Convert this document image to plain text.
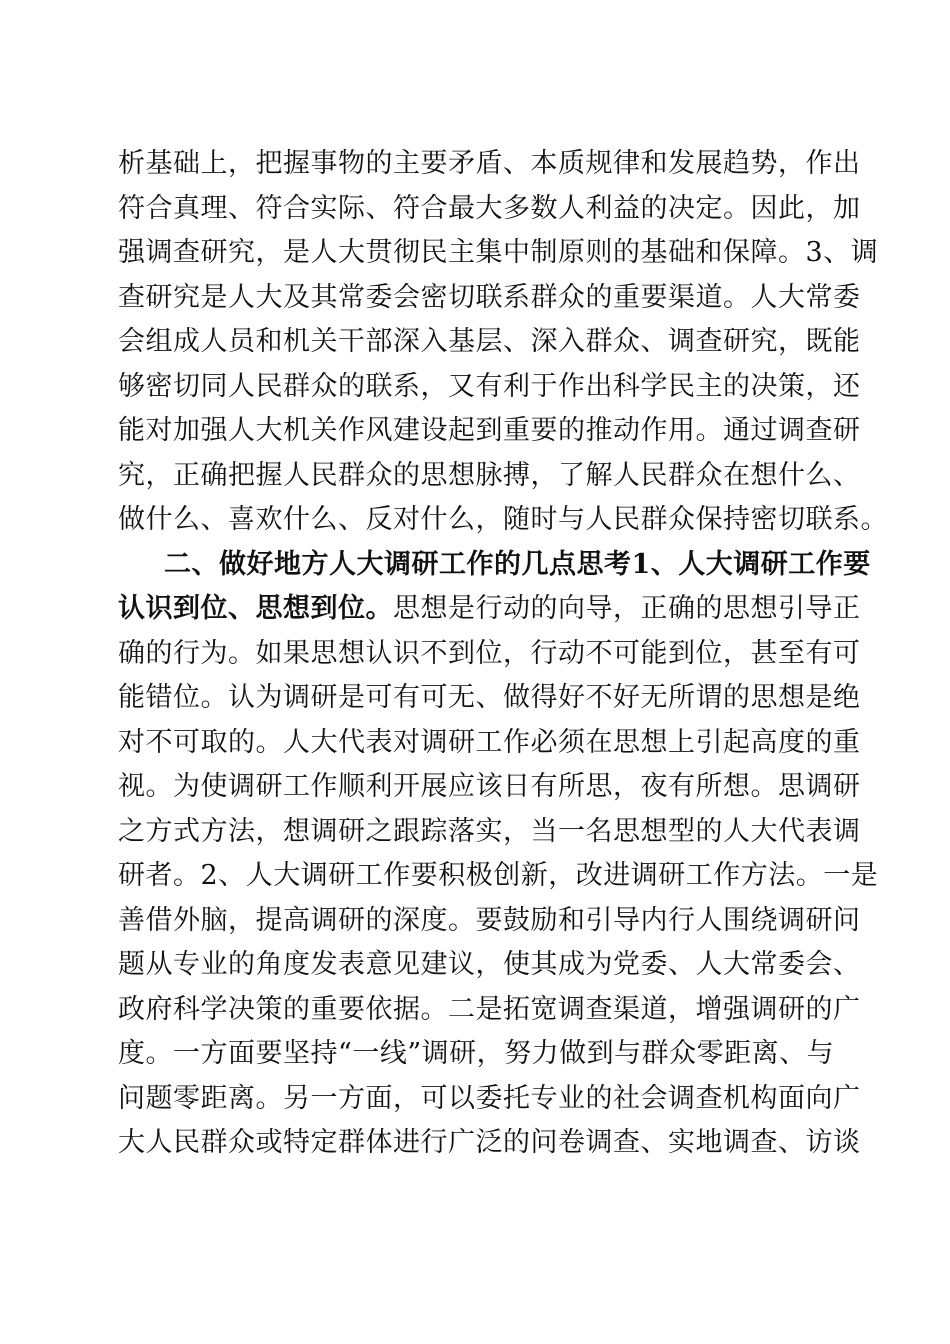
析 基 础 上 ， 把 握 事 物 的 主 要 矛 盾 、 本 质 规 律 和 发 展 趋 势 ， 作 出
符 合 真 理 、 符 合 实 际 、 符 合 最 大 多 数 人 利 益 的 决 定 。 因 此 ， 加
强 调 查 研 究 ， 是 人 大 贯 彻 民 主 集 中 制 原 则 的 基 础 和 保 障 。 3 、 调
查 研 究 是 人 大 及 其 常 委 会 密 切 联 系 群 众 的 重 要 渠 道 。 人 大 常 委
会 组 成 人 员 和 机 关 干 部 深 入 基 层 、 深 入 群 众 、 调 查 研 究 ， 既 能
够 密 切 同 人 民 群 众 的 联 系 ， 又 有 利 于 作 出 科 学 民 主 的 决 策 ， 还
能 对 加 强 人 大 机 关 作 风 建 设 起 到 重 要 的 推 动 作 用 。 通 过 调 查 研
究 ， 正 确 把 握 人 民 群 众 的 思 想 脉 搏 ， 了 解 人 民 群 众 在 想 什 么 、
做 什 么 、 喜 欢 什 么 、 反 对 什 么 ， 随 时 与 人 民 群 众 保 持 密 切 联 系 。
二 、 做 好 地 方 人 大 调 研 工 作 的 几 点 思 考 1 、 人 大 调 研 工 作 要
认 识 到 位 、 思 想 到 位 。 思 想 是 行 动 的 向 导 ， 正 确 的 思 想 引 导 正
确 的 行 为 。 如 果 思 想 认 识 不 到 位 ， 行 动 不 可 能 到 位 ， 甚 至 有 可
能 错 位 。 认 为 调 研 是 可 有 可 无 、 做 得 好 不 好 无 所 谓 的 思 想 是 绝
对 不 可 取 的 。 人 大 代 表 对 调 研 工 作 必 须 在 思 想 上 引 起 高 度 的 重
视 。 为 使 调 研 工 作 顺 利 开 展 应 该 日 有 所 思 ， 夜 有 所 想 。 思 调 研
之 方 式 方 法 ， 想 调 研 之 跟 踪 落 实 ， 当 一 名 思 想 型 的 人 大 代 表 调
研 者 。 2 、 人 大 调 研 工 作 要 积 极 创 新 ， 改 进 调 研 工 作 方 法 。 一 是
善 借 外 脑 ， 提 高 调 研 的 深 度 。 要 鼓 励 和 引 导 内 行 人 围 绕 调 研 问
题 从 专 业 的 角 度 发 表 意 见 建 议 ， 使 其 成 为 党 委 、 人 大 常 委 会 、
政 府 科 学 决 策 的 重 要 依 据 。 二 是 拓 宽 调 查 渠 道 ， 增 强 调 研 的 广
度 。 一 方 面 要 坚 持 “ 一 线 ” 调 研 ， 努 力 做 到 与 群 众 零 距 离 、 与
问 题 零 距 离 。 另 一 方 面 ， 可 以 委 托 专 业 的 社 会 调 查 机 构 面 向 广
大 人 民 群 众 或 特 定 群 体 进 行 广 泛 的 问 卷 调 查 、 实 地 调 查 、 访 谈
